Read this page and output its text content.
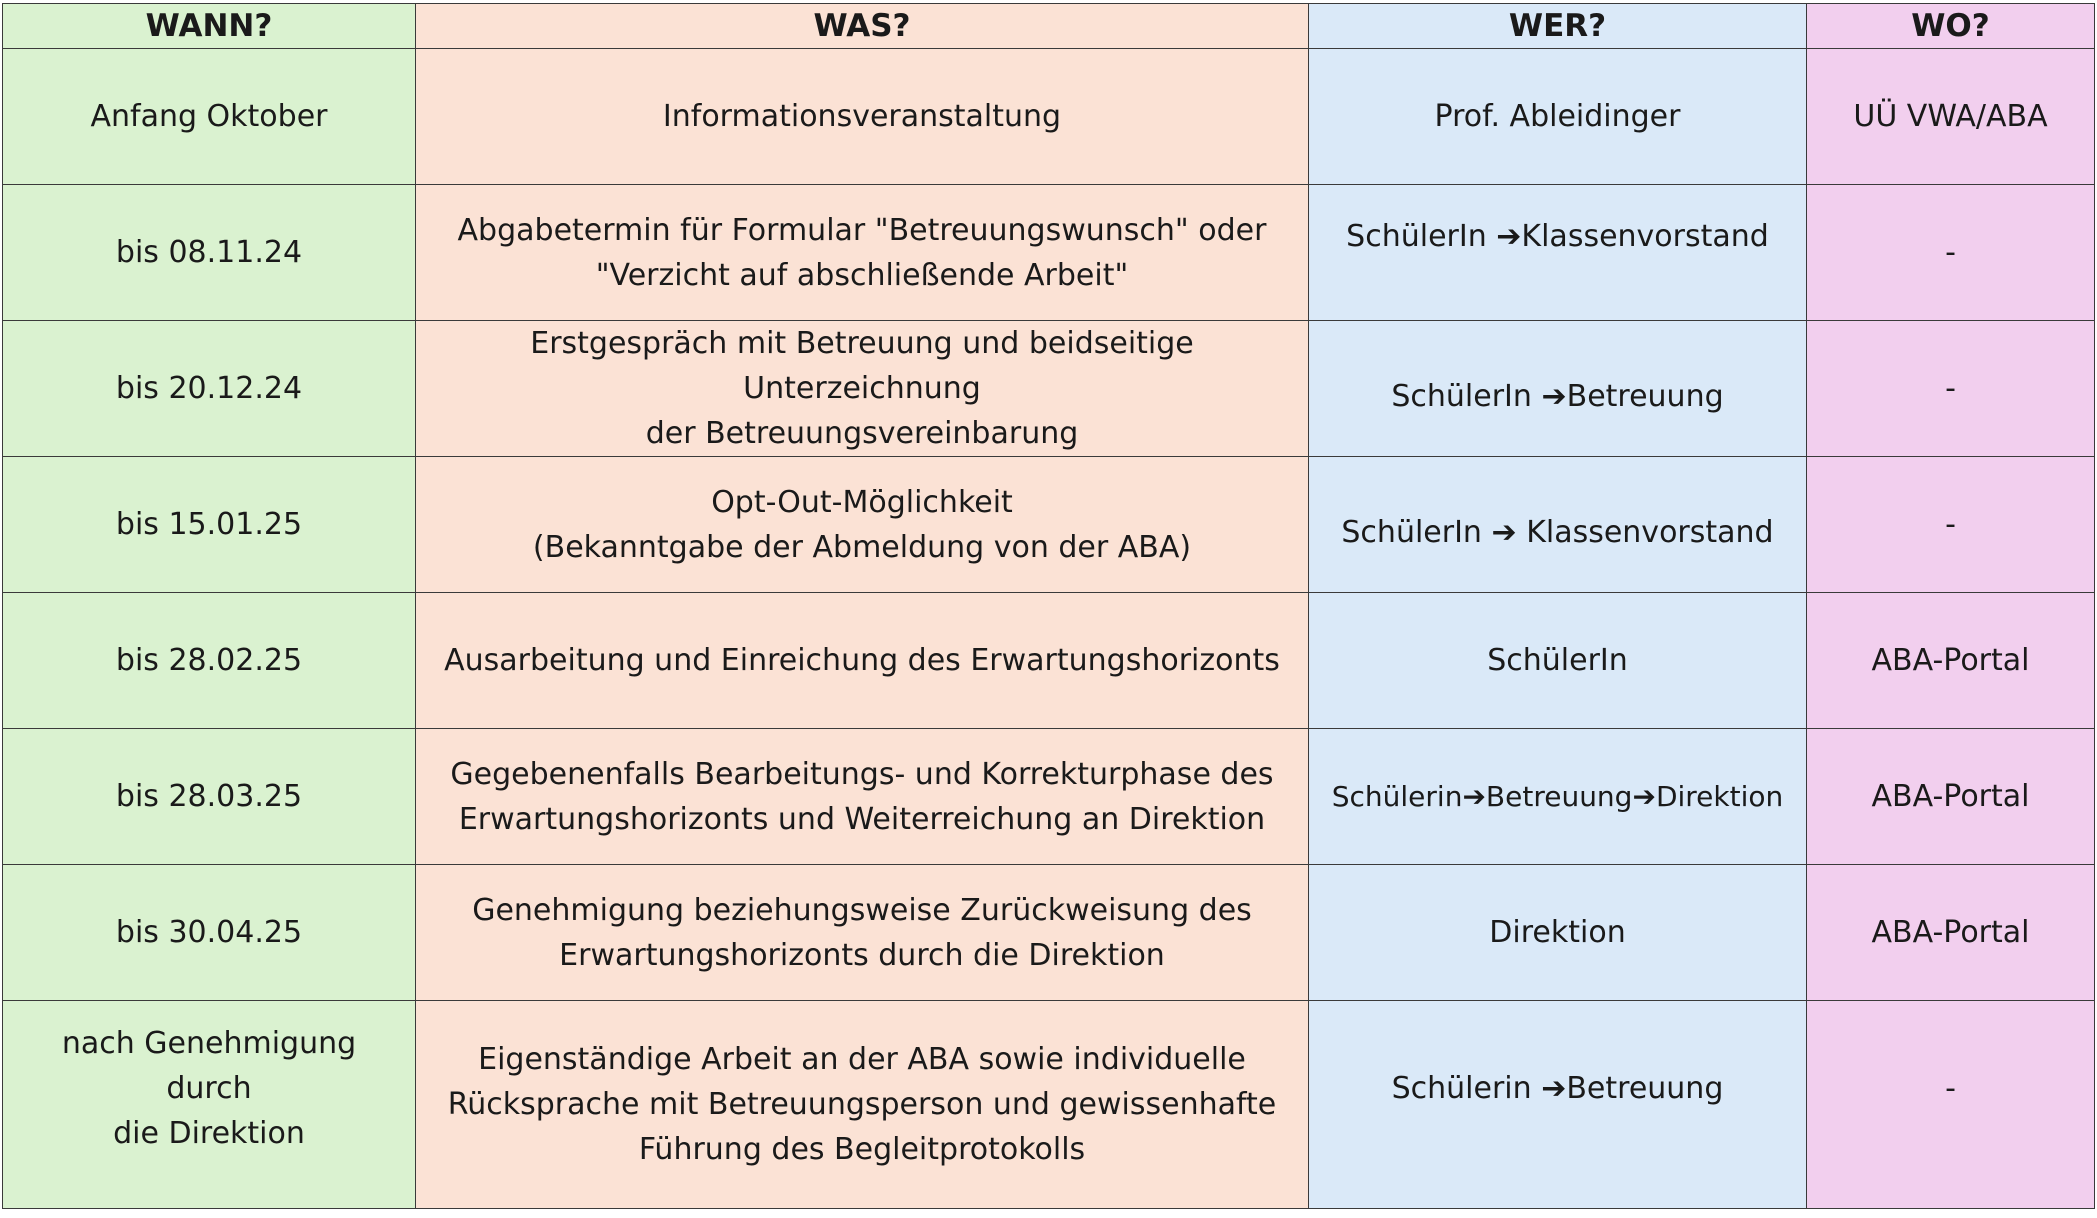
WANN?	WAS?	WER?	WO?

Anfang Oktober	Informationsveranstaltung	Prof. Ableidinger	UÜ VWA/ABA

bis 08.11.24	Abgabetermin für Formular "Betreuungswunsch" oder
"Verzicht auf abschließende Arbeit"	SchülerIn ➔Klassenvorstand	-

bis 20.12.24	Erstgespräch mit Betreuung und beidseitige Unterzeichnung
der Betreuungsvereinbarung	SchülerIn ➔Betreuung	-

bis 15.01.25	Opt-Out-Möglichkeit
(Bekanntgabe der Abmeldung von der ABA)	SchülerIn ➔ Klassenvorstand	-

bis 28.02.25	Ausarbeitung und Einreichung des Erwartungshorizonts	SchülerIn	ABA-Portal

bis 28.03.25	Gegebenenfalls Bearbeitungs- und Korrekturphase des
Erwartungshorizonts und Weiterreichung an Direktion	Schülerin➔Betreuung➔Direktion	ABA-Portal

bis 30.04.25	Genehmigung beziehungsweise Zurückweisung des
Erwartungshorizonts durch die Direktion	Direktion	ABA-Portal

nach Genehmigung durch
die Direktion	Eigenständige Arbeit an der ABA sowie individuelle
Rücksprache mit Betreuungsperson und gewissenhafte
Führung des Begleitprotokolls	Schülerin ➔Betreuung	-
